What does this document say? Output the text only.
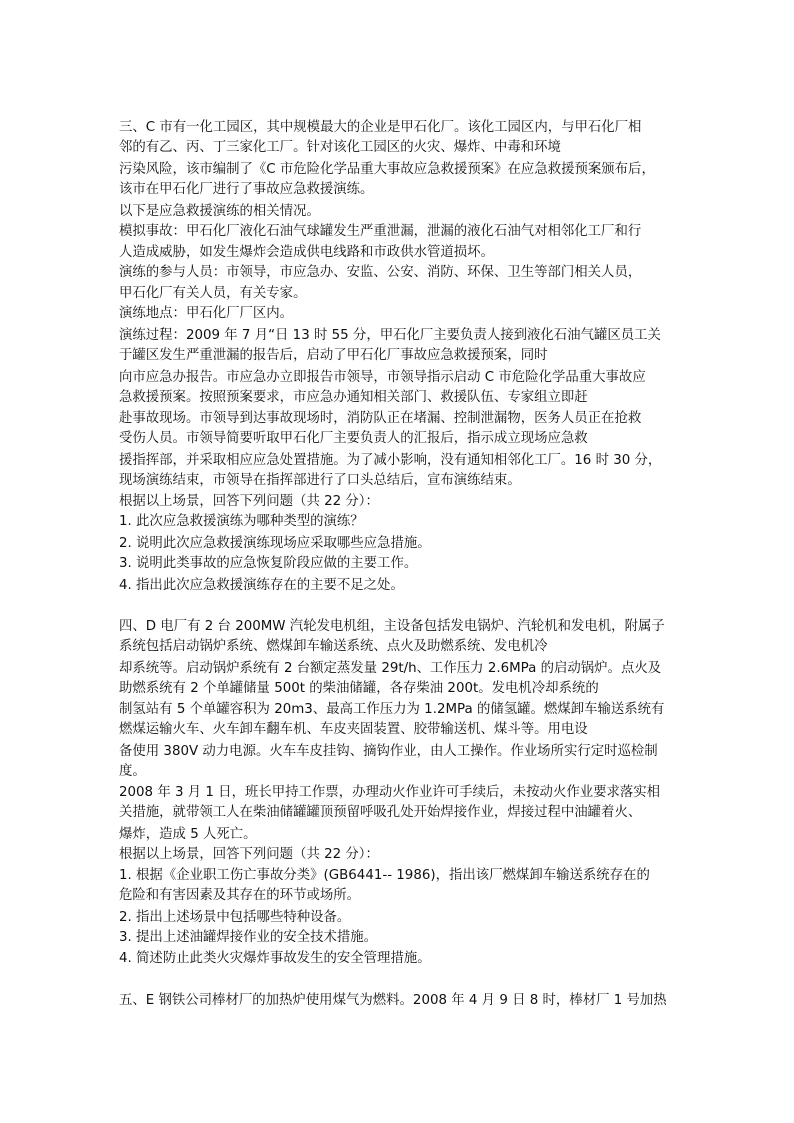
三、C 市有一化工园区，其中规模最大的企业是甲石化厂。该化工园区内，与甲石化厂相
邻的有乙、丙、丁三家化工厂。针对该化工园区的火灾、爆炸、中毒和环境
污染风险，该市编制了《C 市危险化学品重大事故应急救援预案》在应急救援预案颁布后，
该市在甲石化厂进行了事故应急救援演练。
以下是应急救援演练的相关情况。
模拟事故：甲石化厂液化石油气球罐发生严重泄漏，泄漏的液化石油气对相邻化工厂和行
人造成威胁，如发生爆炸会造成供电线路和市政供水管道损坏。
演练的参与人员：市领导，市应急办、安监、公安、消防、环保、卫生等部门相关人员，
甲石化厂有关人员，有关专家。
演练地点：甲石化厂厂区内。
演练过程：2009 年 7 月“日 13 时 55 分，甲石化厂主要负责人接到液化石油气罐区员工关
于罐区发生严重泄漏的报告后，启动了甲石化厂事故应急救援预案，同时
向市应急办报告。市应急办立即报告市领导，市领导指示启动 C 市危险化学品重大事故应
急救援预案。按照预案要求，市应急办通知相关部门、救援队伍、专家组立即赶
赴事故现场。市领导到达事故现场时，消防队正在堵漏、控制泄漏物，医务人员正在抢救
受伤人员。市领导简要听取甲石化厂主要负责人的汇报后，指示成立现场应急救
援指挥部，并采取相应应急处置措施。为了减小影响，没有通知相邻化工厂。16 时 30 分，
现场演练结束，市领导在指挥部进行了口头总结后，宣布演练结束。
根据以上场景，回答下列问题（共 22 分）：
1. 此次应急救援演练为哪种类型的演练？
2. 说明此次应急救援演练现场应采取哪些应急措施。
3. 说明此类事故的应急恢复阶段应做的主要工作。
4. 指出此次应急救援演练存在的主要不足之处。
四、D 电厂有 2 台 200MW 汽轮发电机组，主设备包括发电锅炉、汽轮机和发电机，附属子
系统包括启动锅炉系统、燃煤卸车输送系统、点火及助燃系统、发电机冷
却系统等。启动锅炉系统有 2 台额定蒸发量 29t/h、工作压力 2.6MPa 的启动锅炉。点火及
助燃系统有 2 个单罐储量 500t 的柴油储罐，各存柴油 200t。发电机冷却系统的
制氢站有 5 个单罐容积为 20m3、最高工作压力为 1.2MPa 的储氢罐。燃煤卸车输送系统有
燃煤运输火车、火车卸车翻车机、车皮夹固装置、胶带输送机、煤斗等。用电设
备使用 380V 动力电源。火车车皮挂钩、摘钩作业，由人工操作。作业场所实行定时巡检制
度。
2008 年 3 月 1 日，班长甲持工作票，办理动火作业许可手续后，未按动火作业要求落实相
关措施，就带领工人在柴油储罐罐顶预留呼吸孔处开始焊接作业，焊接过程中油罐着火、
爆炸，造成 5 人死亡。
根据以上场景，回答下列问题（共 22 分）：
1. 根据《企业职工伤亡事故分类》(GB6441-- 1986)，指出该厂燃煤卸车输送系统存在的
危险和有害因素及其存在的环节或场所。
2. 指出上述场景中包括哪些特种设备。
3. 提出上述油罐焊接作业的安全技术措施。
4. 简述防止此类火灾爆炸事故发生的安全管理措施。
五、E 钢铁公司棒材厂的加热炉使用煤气为燃料。2008 年 4 月 9 日 8 时，棒材厂 1 号加热
